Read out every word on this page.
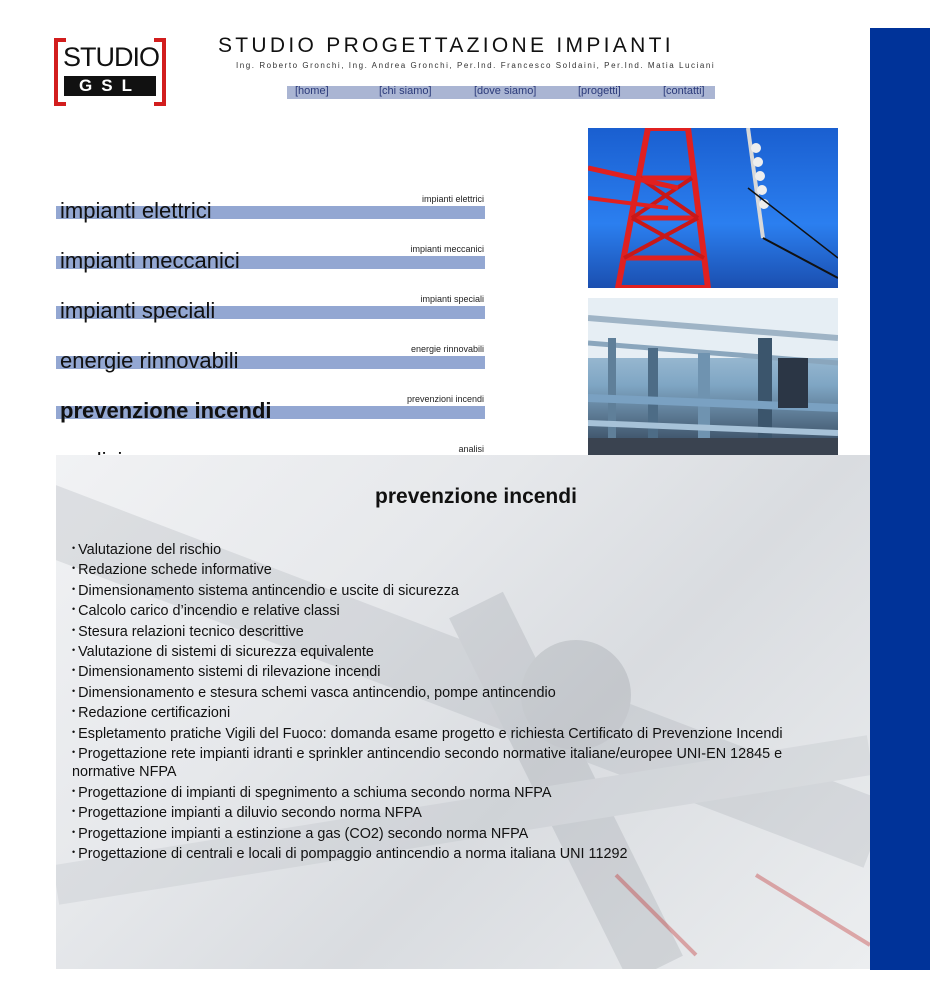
STUDIO
GSL
STUDIO PROGETTAZIONE IMPIANTI
Ing. Roberto Gronchi, Ing. Andrea Gronchi, Per.Ind. Francesco Soldaini, Per.Ind. Matia Luciani
[home]	[chi siamo]	[dove siamo]	[progetti]	[contatti]
impianti elettrici
impianti elettrici
impianti meccanici
impianti meccanici
impianti speciali
impianti speciali
energie rinnovabili
energie rinnovabili
prevenzioni incendi
prevenzione incendi
analisi
prevenzione incendi
• Valutazione del rischio
• Redazione schede informative
• Dimensionamento sistema antincendio e uscite di sicurezza
• Calcolo carico d’incendio e relative classi
• Stesura relazioni tecnico descrittive
• Valutazione di sistemi di sicurezza equivalente
• Dimensionamento sistemi di rilevazione incendi
• Dimensionamento e stesura schemi vasca antincendio, pompe antincendio
• Redazione certificazioni
• Espletamento pratiche Vigili del Fuoco: domanda esame progetto e richiesta Certificato di Prevenzione Incendi
• Progettazione rete impianti idranti e sprinkler antincendio secondo normative italiane/europee UNI-EN 12845 e normative NFPA
• Progettazione di impianti di spegnimento a schiuma secondo norma NFPA
• Progettazione impianti a diluvio secondo norma NFPA
• Progettazione impianti a estinzione a gas (CO2) secondo norma NFPA
• Progettazione di centrali e locali di pompaggio antincendio a norma italiana UNI 11292
